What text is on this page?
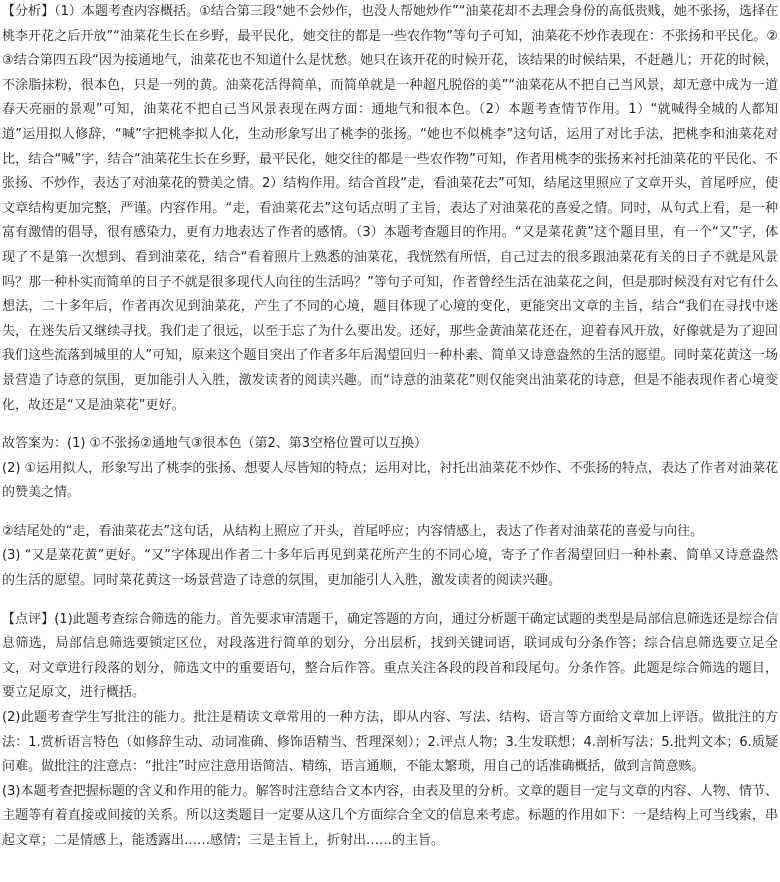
【分析】（1）本题考查内容概括。①结合第三段“她不会炒作，也没人帮她炒作”“油菜花却不去理会身份的高低贵贱，她不张扬，选择在桃李开花之后开放”“油菜花生长在乡野，最平民化，她交往的都是一些农作物”等句子可知，油菜花不炒作表现在：不张扬和平民化。②③结合第四五段“因为接通地气，油菜花也不知道什么是忧愁。她只在该开花的时候开花，该结果的时候结果，不赶趟儿；开花的时候，不涂脂抹粉，很本色，只是一列的黄。油菜花活得简单，而简单就是一种超凡脱俗的美”“油菜花从不把自己当风景，却无意中成为一道春天亮丽的景观”可知，油菜花不把自己当风景表现在两方面：通地气和很本色。（2）本题考查情节作用。1）“就喊得全城的人都知道”运用拟人修辞，“喊”字把桃李拟人化，生动形象写出了桃李的张扬。“她也不似桃李”这句话，运用了对比手法，把桃李和油菜花对比，结合“喊”字，结合“油菜花生长在乡野，最平民化，她交往的都是一些农作物”可知，作者用桃李的张扬来衬托油菜花的平民化、不张扬、不炒作，表达了对油菜花的赞美之情。2）结构作用。结合首段“走，看油菜花去”可知，结尾这里照应了文章开头，首尾呼应，使文章结构更加完整，严谨。内容作用。“走，看油菜花去”这句话点明了主旨，表达了对油菜花的喜爱之情。同时，从句式上看，是一种富有激情的倡导，很有感染力，更有力地表达了作者的感情。（3）本题考查题目的作用。“又是菜花黄”这个题目里，有一个“又”字，体现了不是第一次想到、看到油菜花，结合“看着照片上熟悉的油菜花，我恍然有所悟，自己过去的很多跟油菜花有关的日子不就是风景吗？那一种朴实而简单的日子不就是很多现代人向往的生活吗？”等句子可知，作者曾经生活在油菜花之间，但是那时候没有对它有什么想法，二十多年后，作者再次见到油菜花，产生了不同的心境，题目体现了心境的变化，更能突出文章的主旨，结合“我们在寻找中迷失，在迷失后又继续寻找。我们走了很远，以至于忘了为什么要出发。还好，那些金黄油菜花还在，迎着春风开放，好像就是为了迎回我们这些流落到城里的人”可知，原来这个题目突出了作者多年后渴望回归一种朴素、简单又诗意盎然的生活的愿望。同时菜花黄这一场景营造了诗意的氛围，更加能引人入胜，激发读者的阅读兴趣。而“诗意的油菜花”则仅能突出油菜花的诗意，但是不能表现作者心境变化，故还是“又是油菜花”更好。

故答案为：(1) ①不张扬②通地气③很本色（第2、第3空格位置可以互换）
(2) ①运用拟人，形象写出了桃李的张扬、想要人尽皆知的特点；运用对比，衬托出油菜花不炒作、不张扬的特点，表达了作者对油菜花的赞美之情。
②结尾处的“走，看油菜花去”这句话，从结构上照应了开头，首尾呼应；内容情感上，表达了作者对油菜花的喜爱与向往。
(3) “又是菜花黄”更好。“又”字体现出作者二十多年后再见到菜花所产生的不同心境，寄予了作者渴望回归一种朴素、简单又诗意盎然的生活的愿望。同时菜花黄这一场景营造了诗意的氛围，更加能引人入胜，激发读者的阅读兴趣。
【点评】(1)此题考查综合筛选的能力。首先要求审清题干，确定答题的方向，通过分析题干确定试题的类型是局部信息筛选还是综合信息筛选，局部信息筛选要锁定区位，对段落进行简单的划分，分出层析，找到关键词语，联词成句分条作答；综合信息筛选要立足全文，对文章进行段落的划分，筛选文中的重要语句，整合后作答。重点关注各段的段首和段尾句。分条作答。此题是综合筛选的题目，要立足原文，进行概括。
(2)此题考查学生写批注的能力。批注是精读文章常用的一种方法，即从内容、写法、结构、语言等方面给文章加上评语。做批注的方法：1.赏析语言特色（如修辞生动、动词准确、修饰语精当、哲理深刻）；2.评点人物；3.生发联想；4.剖析写法；5.批判文本；6.质疑问难。做批注的注意点：“批注”时应注意用语简洁、精练，语言通顺，不能太繁琐，用自己的话准确概括，做到言简意赅。
(3)本题考查把握标题的含义和作用的能力。解答时注意结合文本内容，由表及里的分析。文章的题目一定与文章的内容、人物、情节、主题等有着直接或间接的关系。所以这类题目一定要从这几个方面综合全文的信息来考虑。标题的作用如下：一是结构上可当线索，串起文章；二是情感上，能透露出……感情；三是主旨上，折射出……的主旨。
